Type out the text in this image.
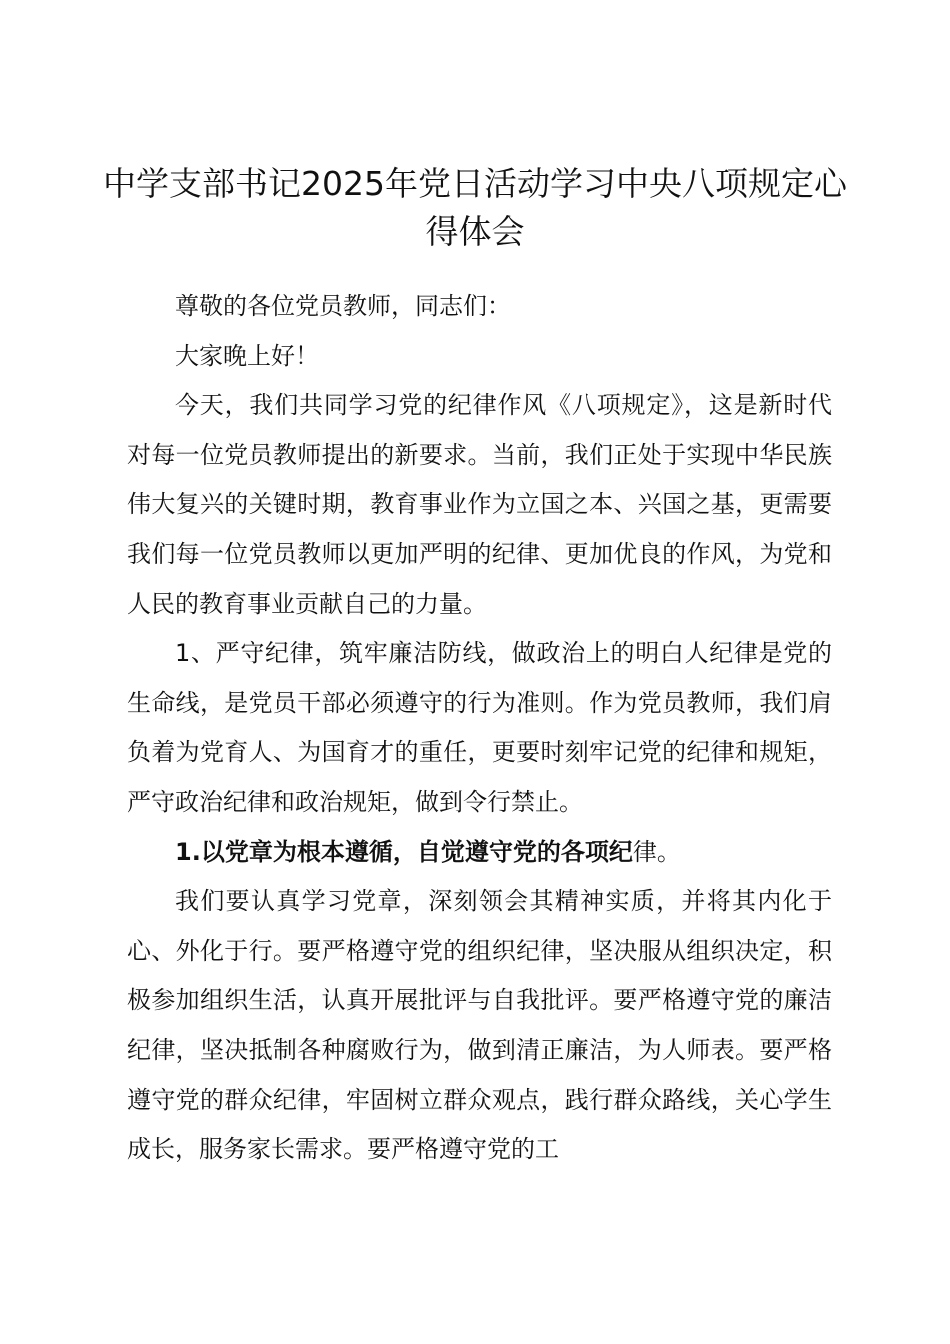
中学支部书记2025年党日活动学习中央八项规定心得体会

尊敬的各位党员教师，同志们：

大家晚上好！

今天，我们共同学习党的纪律作风《八项规定》，这是新时代对每一位党员教师提出的新要求。当前，我们正处于实现中华民族伟大复兴的关键时期，教育事业作为立国之本、兴国之基，更需要我们每一位党员教师以更加严明的纪律、更加优良的作风，为党和人民的教育事业贡献自己的力量。

1、严守纪律，筑牢廉洁防线，做政治上的明白人纪律是党的生命线，是党员干部必须遵守的行为准则。作为党员教师，我们肩负着为党育人、为国育才的重任，更要时刻牢记党的纪律和规矩，严守政治纪律和政治规矩，做到令行禁止。

1.以党章为根本遵循，自觉遵守党的各项纪律。

我们要认真学习党章，深刻领会其精神实质，并将其内化于心、外化于行。要严格遵守党的组织纪律，坚决服从组织决定，积极参加组织生活，认真开展批评与自我批评。要严格遵守党的廉洁纪律，坚决抵制各种腐败行为，做到清正廉洁，为人师表。要严格遵守党的群众纪律，牢固树立群众观点，践行群众路线，关心学生成长，服务家长需求。要严格遵守党的工
